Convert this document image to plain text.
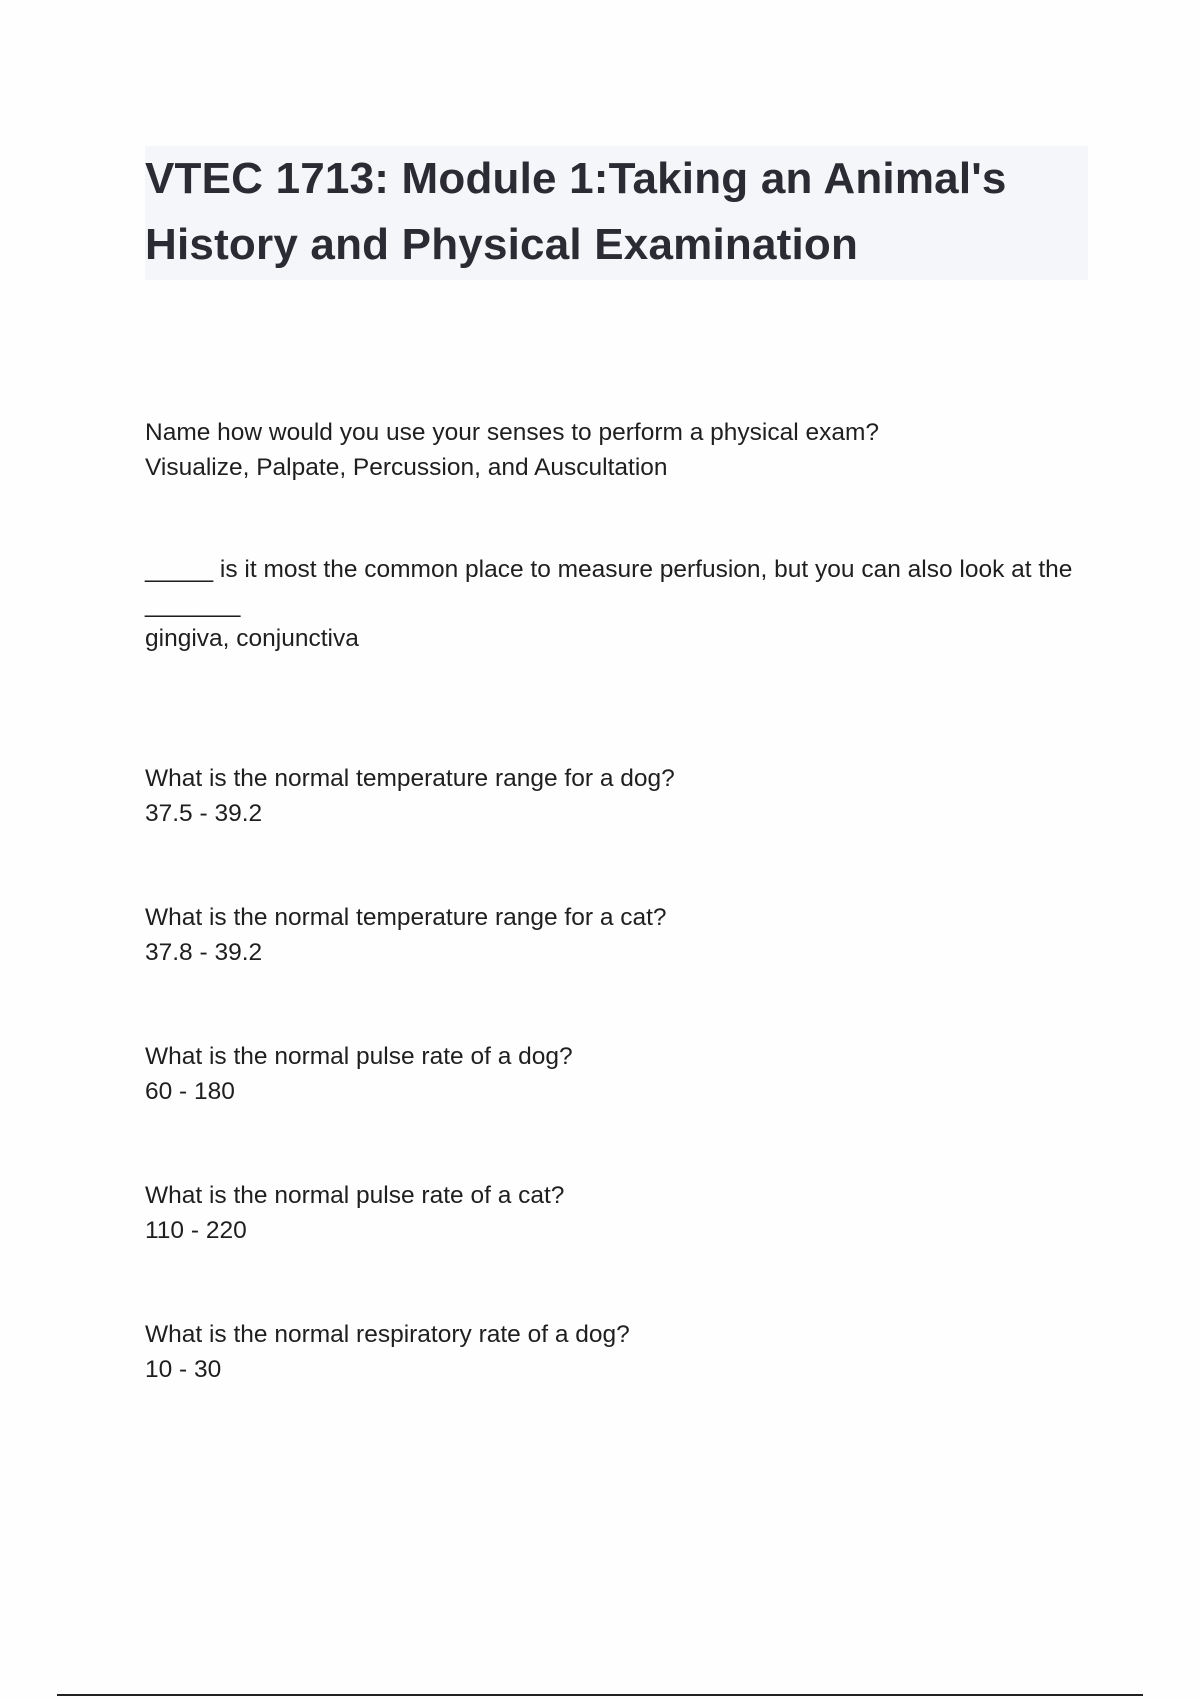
VTEC 1713: Module 1:Taking an Animal's History and Physical Examination

Name how would you use your senses to perform a physical exam?

Visualize, Palpate, Percussion, and Auscultation

_____ is it most the common place to measure perfusion, but you can also look at the _______

gingiva, conjunctiva

What is the normal temperature range for a dog?

37.5 - 39.2

What is the normal temperature range for a cat?

37.8 - 39.2

What is the normal pulse rate of a dog?

60 - 180

What is the normal pulse rate of a cat?

110 - 220

What is the normal respiratory rate of a dog?

10 - 30
